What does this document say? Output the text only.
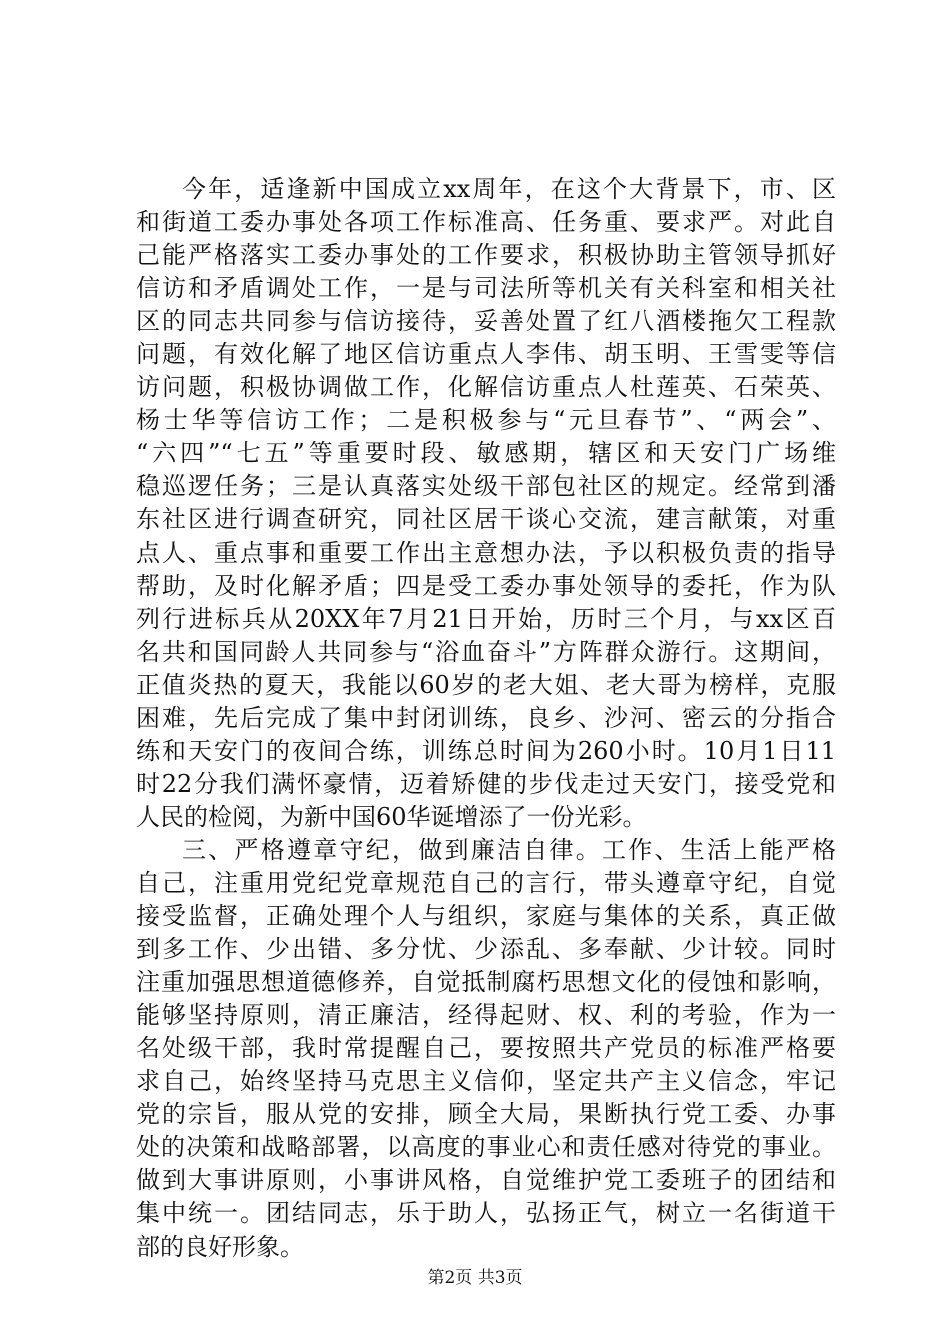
今年，适逢新中国成立xx周年，在这个大背景下，市、区
和街道工委办事处各项工作标准高、任务重、要求严。对此自
己能严格落实工委办事处的工作要求，积极协助主管领导抓好
信访和矛盾调处工作，一是与司法所等机关有关科室和相关社
区的同志共同参与信访接待，妥善处置了红八酒楼拖欠工程款
问题，有效化解了地区信访重点人李伟、胡玉明、王雪雯等信
访问题，积极协调做工作，化解信访重点人杜莲英、石荣英、
杨士华等信访工作；二是积极参与“元旦春节”、“两会”、
“六四”“七五”等重要时段、敏感期，辖区和天安门广场维
稳巡逻任务；三是认真落实处级干部包社区的规定。经常到潘
东社区进行调查研究，同社区居干谈心交流，建言献策，对重
点人、重点事和重要工作出主意想办法，予以积极负责的指导
帮助，及时化解矛盾；四是受工委办事处领导的委托，作为队
列行进标兵从20XX年7月21日开始，历时三个月，与xx区百
名共和国同龄人共同参与“浴血奋斗”方阵群众游行。这期间，
正值炎热的夏天，我能以60岁的老大姐、老大哥为榜样，克服
困难，先后完成了集中封闭训练，良乡、沙河、密云的分指合
练和天安门的夜间合练，训练总时间为260小时。10月1日11
时22分我们满怀豪情，迈着矫健的步伐走过天安门，接受党和
人民的检阅，为新中国60华诞增添了一份光彩。
三、严格遵章守纪，做到廉洁自律。工作、生活上能严格
自己，注重用党纪党章规范自己的言行，带头遵章守纪，自觉
接受监督，正确处理个人与组织，家庭与集体的关系，真正做
到多工作、少出错、多分忧、少添乱、多奉献、少计较。同时
注重加强思想道德修养，自觉抵制腐朽思想文化的侵蚀和影响，
能够坚持原则，清正廉洁，经得起财、权、利的考验，作为一
名处级干部，我时常提醒自己，要按照共产党员的标准严格要
求自己，始终坚持马克思主义信仰，坚定共产主义信念，牢记
党的宗旨，服从党的安排，顾全大局，果断执行党工委、办事
处的决策和战略部署，以高度的事业心和责任感对待党的事业。
做到大事讲原则，小事讲风格，自觉维护党工委班子的团结和
集中统一。团结同志，乐于助人，弘扬正气，树立一名街道干
部的良好形象。
第2页 共3页
